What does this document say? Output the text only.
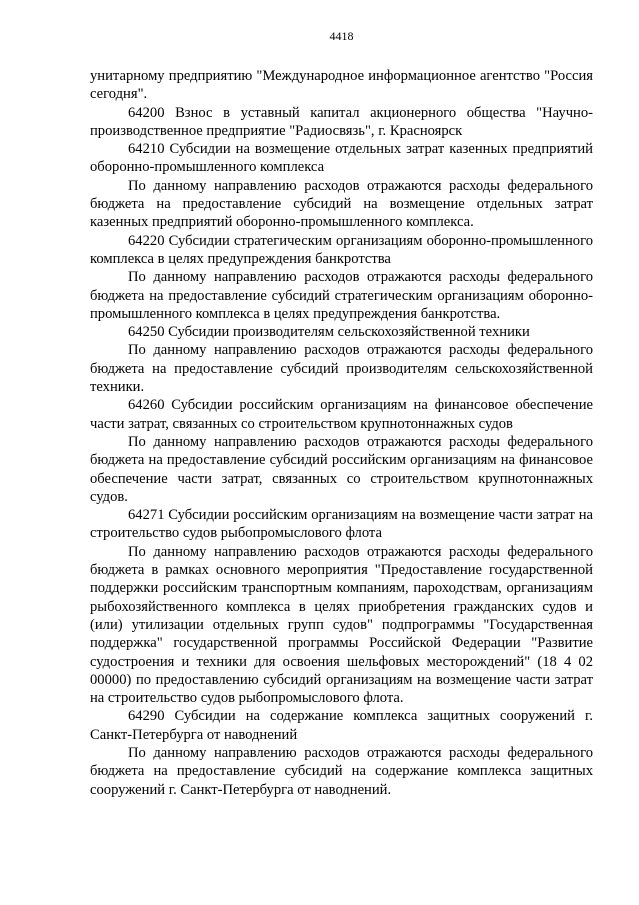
4418

унитарному предприятию "Международное информационное агентство "Россия сегодня".

64200 Взнос в уставный капитал акционерного общества "Научно-производственное предприятие "Радиосвязь", г. Красноярск

64210 Субсидии на возмещение отдельных затрат казенных предприятий оборонно-промышленного комплекса

По данному направлению расходов отражаются расходы федерального бюджета на предоставление субсидий на возмещение отдельных затрат казенных предприятий оборонно-промышленного комплекса.

64220 Субсидии стратегическим организациям оборонно-промышленного комплекса в целях предупреждения банкротства

По данному направлению расходов отражаются расходы федерального бюджета на предоставление субсидий стратегическим организациям оборонно-промышленного комплекса в целях предупреждения банкротства.

64250 Субсидии производителям сельскохозяйственной техники

По данному направлению расходов отражаются расходы федерального бюджета на предоставление субсидий производителям сельскохозяйственной техники.

64260 Субсидии российским организациям на финансовое обеспечение части затрат, связанных со строительством крупнотоннажных судов

По данному направлению расходов отражаются расходы федерального бюджета на предоставление субсидий российским организациям на финансовое обеспечение части затрат, связанных со строительством крупнотоннажных судов.

64271 Субсидии российским организациям на возмещение части затрат на строительство судов рыбопромыслового флота

По данному направлению расходов отражаются расходы федерального бюджета в рамках основного мероприятия "Предоставление государственной поддержки российским транспортным компаниям, пароходствам, организациям рыбохозяйственного комплекса в целях приобретения гражданских судов и (или) утилизации отдельных групп судов" подпрограммы "Государственная поддержка" государственной программы Российской Федерации "Развитие судостроения и техники для освоения шельфовых месторождений" (18 4 02 00000) по предоставлению субсидий организациям на возмещение части затрат на строительство судов рыбопромыслового флота.

64290 Субсидии на содержание комплекса защитных сооружений г. Санкт-Петербурга от наводнений

По данному направлению расходов отражаются расходы федерального бюджета на предоставление субсидий на содержание комплекса защитных сооружений г. Санкт-Петербурга от наводнений.
